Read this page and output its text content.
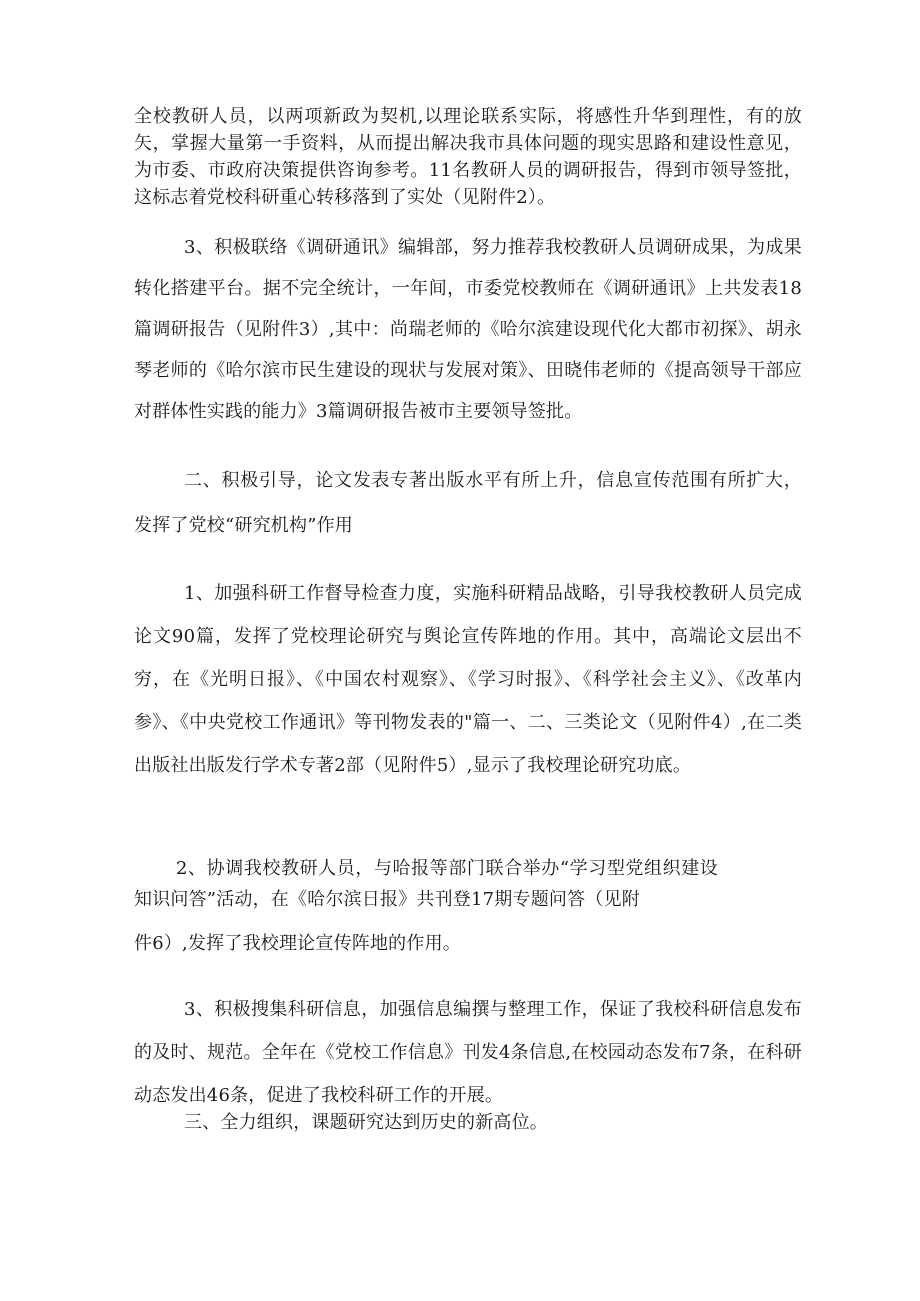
全校教研人员，以两项新政为契机,以理论联系实际，将感性升华到理性，有的放矢，掌握大量第一手资料，从而提出解决我市具体问题的现实思路和建设性意见，为市委、市政府决策提供咨询参考。11名教研人员的调研报告，得到市领导签批，这标志着党校科研重心转移落到了实处（见附件2）。

3、积极联络《调研通讯》编辑部，努力推荐我校教研人员调研成果，为成果转化搭建平台。据不完全统计，一年间，市委党校教师在《调研通讯》上共发表18篇调研报告（见附件3）,其中：尚瑞老师的《哈尔滨建设现代化大都市初探》、胡永琴老师的《哈尔滨市民生建设的现状与发展对策》、田晓伟老师的《提高领导干部应对群体性实践的能力》3篇调研报告被市主要领导签批。

二、积极引导，论文发表专著出版水平有所上升，信息宣传范围有所扩大，发挥了党校“研究机构”作用

1、加强科研工作督导检查力度，实施科研精品战略，引导我校教研人员完成论文90篇，发挥了党校理论研究与舆论宣传阵地的作用。其中，高端论文层出不穷，在《光明日报》、《中国农村观察》、《学习时报》、《科学社会主义》、《改革内参》、《中央党校工作通讯》等刊物发表的"篇一、二、三类论文（见附件4）,在二类出版社出版发行学术专著2部（见附件5）,显示了我校理论研究功底。

2、协调我校教研人员，与哈报等部门联合举办“学习型党组织建设知识问答”活动，在《哈尔滨日报》共刊登17期专题问答（见附

件6）,发挥了我校理论宣传阵地的作用。

3、积极搜集科研信息，加强信息编撰与整理工作，保证了我校科研信息发布的及时、规范。全年在《党校工作信息》刊发4条信息,在校园动态发布7条，在科研动态发出46条，促进了我校科研工作的开展。

三、全力组织，课题研究达到历史的新高位。
